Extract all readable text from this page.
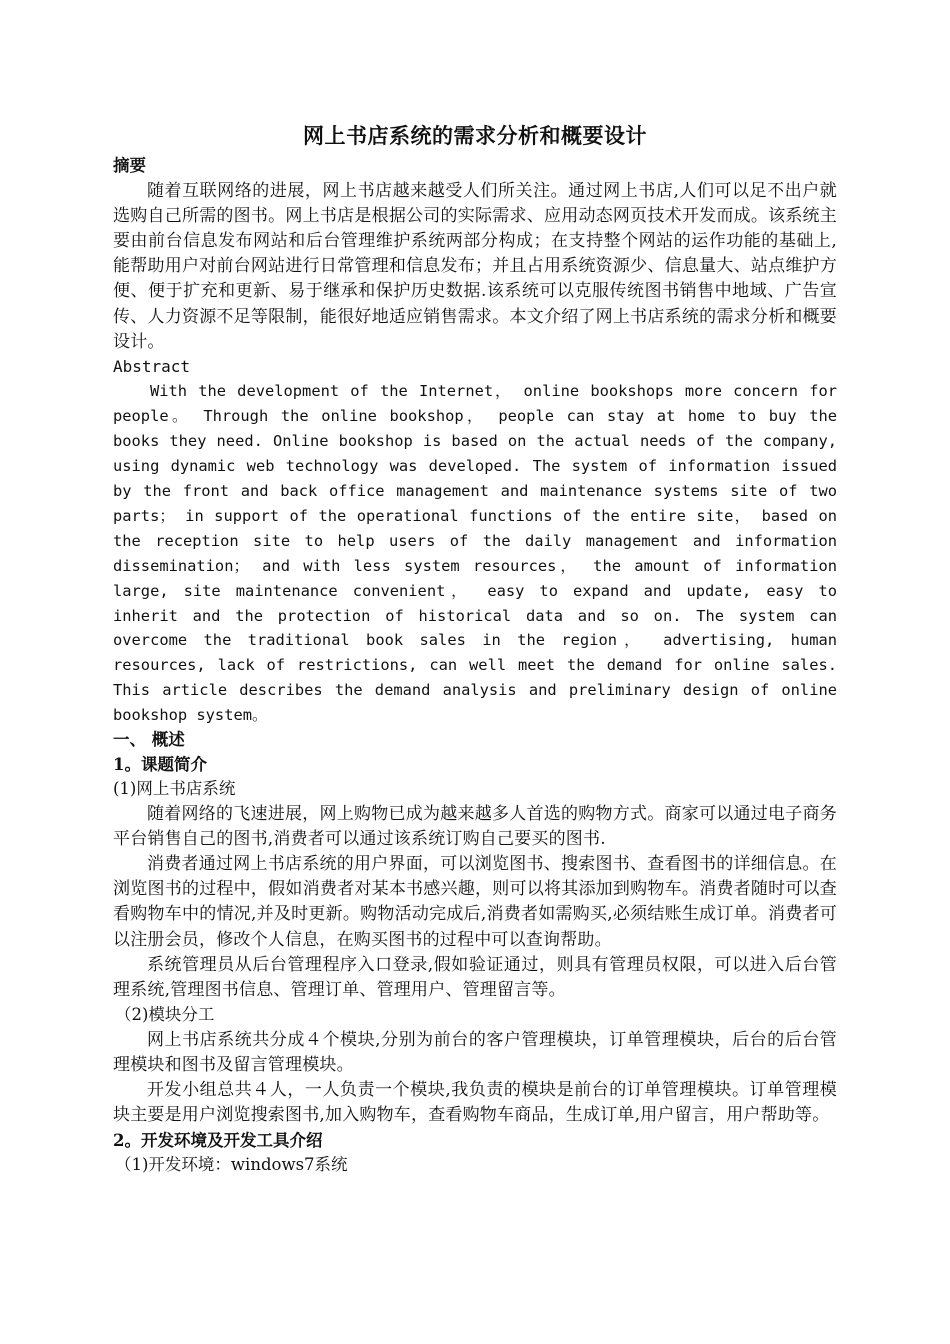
网上书店系统的需求分析和概要设计

摘要

随着互联网络的进展，网上书店越来越受人们所关注。通过网上书店,人们可以足不出户就选购自己所需的图书。网上书店是根据公司的实际需求、应用动态网页技术开发而成。该系统主要由前台信息发布网站和后台管理维护系统两部分构成；在支持整个网站的运作功能的基础上,能帮助用户对前台网站进行日常管理和信息发布；并且占用系统资源少、信息量大、站点维护方便、便于扩充和更新、易于继承和保护历史数据.该系统可以克服传统图书销售中地域、广告宣传、人力资源不足等限制，能很好地适应销售需求。本文介绍了网上书店系统的需求分析和概要设计。

Abstract

With the development of the Internet， online bookshops more concern for people。 Through the online bookshop， people can stay at home to buy the books they need. Online bookshop is based on the actual needs of the company, using dynamic web technology was developed. The system of information issued by the front and back office management and maintenance systems site of two parts； in support of the operational functions of the entire site， based on the reception site to help users of the daily management and information dissemination； and with less system resources， the amount of information large, site maintenance convenient， easy to expand and update, easy to inherit and the protection of historical data and so on. The system can overcome the traditional book sales in the region， advertising, human resources, lack of restrictions, can well meet the demand for online sales. This article describes the demand analysis and preliminary design of online bookshop system。

一、 概述

1。课题简介

(1)网上书店系统

随着网络的飞速进展，网上购物已成为越来越多人首选的购物方式。商家可以通过电子商务平台销售自己的图书,消费者可以通过该系统订购自己要买的图书.

消费者通过网上书店系统的用户界面，可以浏览图书、搜索图书、查看图书的详细信息。在浏览图书的过程中，假如消费者对某本书感兴趣，则可以将其添加到购物车。消费者随时可以查看购物车中的情况,并及时更新。购物活动完成后,消费者如需购买,必须结账生成订单。消费者可以注册会员，修改个人信息，在购买图书的过程中可以查询帮助。

系统管理员从后台管理程序入口登录,假如验证通过，则具有管理员权限，可以进入后台管理系统,管理图书信息、管理订单、管理用户、管理留言等。

（2)模块分工

网上书店系统共分成４个模块,分别为前台的客户管理模块，订单管理模块，后台的后台管理模块和图书及留言管理模块。

开发小组总共４人，一人负责一个模块,我负责的模块是前台的订单管理模块。订单管理模块主要是用户浏览搜索图书,加入购物车，查看购物车商品，生成订单,用户留言，用户帮助等。

2。开发环境及开发工具介绍

（1)开发环境：windows7系统
